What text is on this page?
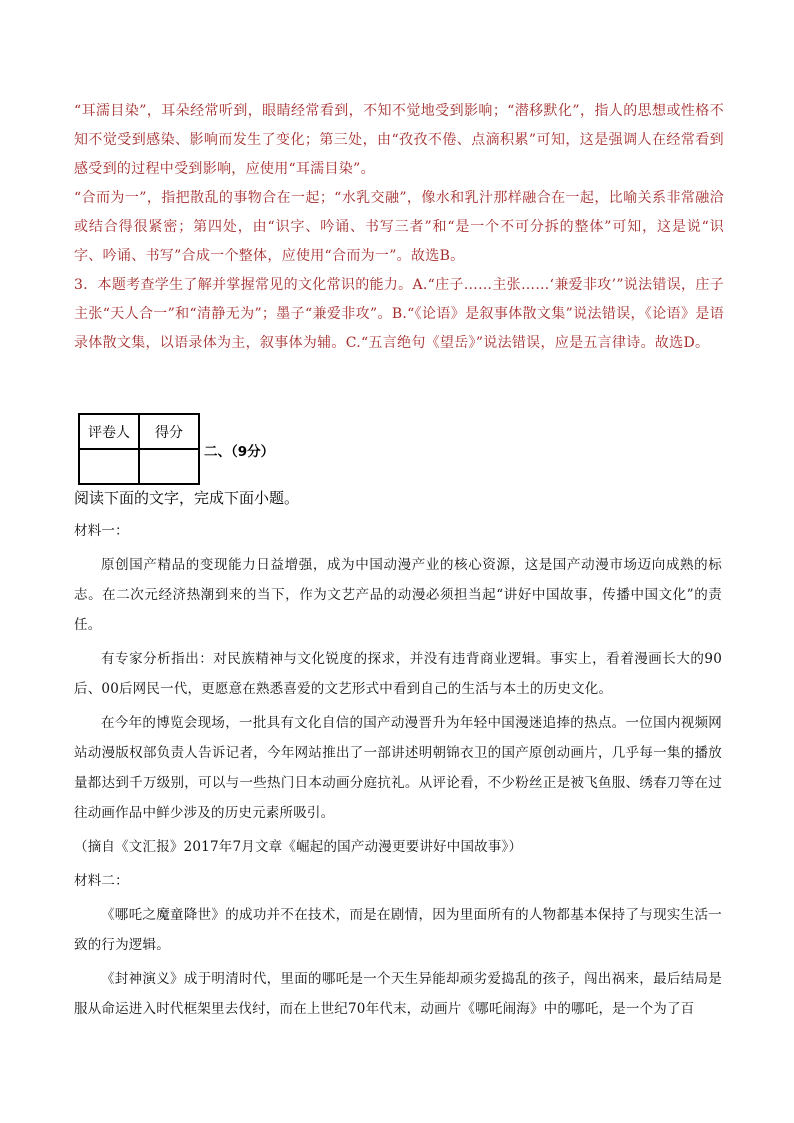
“耳濡目染”，耳朵经常听到，眼睛经常看到，不知不觉地受到影响；“潜移默化”，指人的思想或性格不知不觉受到感染、影响而发生了变化；第三处，由“孜孜不倦、点滴积累”可知，这是强调人在经常看到感受到的过程中受到影响，应使用“耳濡目染”。

“合而为一”，指把散乱的事物合在一起；“水乳交融”，像水和乳汁那样融合在一起，比喻关系非常融洽或结合得很紧密；第四处，由“识字、吟诵、书写三者”和“是一个不可分拆的整体”可知，这是说“识字、吟诵、书写”合成一个整体，应使用“合而为一”。故选B。

3．本题考查学生了解并掌握常见的文化常识的能力。A.“庄子……主张……‘兼爱非攻’”说法错误，庄子主张“天人合一”和“清静无为”；墨子“兼爱非攻”。B.“《论语》是叙事体散文集”说法错误，《论语》是语录体散文集，以语录体为主，叙事体为辅。C.“五言绝句《望岳》”说法错误，应是五言律诗。故选D。

评卷人	得分

二、（9分）
阅读下面的文字，完成下面小题。

材料一：

原创国产精品的变现能力日益增强，成为中国动漫产业的核心资源，这是国产动漫市场迈向成熟的标志。在二次元经济热潮到来的当下，作为文艺产品的动漫必须担当起“讲好中国故事，传播中国文化”的责任。

有专家分析指出：对民族精神与文化锐度的探求，并没有违背商业逻辑。事实上，看着漫画长大的90后、00后网民一代，更愿意在熟悉喜爱的文艺形式中看到自己的生活与本土的历史文化。

在今年的博览会现场，一批具有文化自信的国产动漫晋升为年轻中国漫迷追捧的热点。一位国内视频网站动漫版权部负责人告诉记者，今年网站推出了一部讲述明朝锦衣卫的国产原创动画片，几乎每一集的播放量都达到千万级别，可以与一些热门日本动画分庭抗礼。从评论看，不少粉丝正是被飞鱼服、绣春刀等在过往动画作品中鲜少涉及的历史元素所吸引。

（摘自《文汇报》2017年7月文章《崛起的国产动漫更要讲好中国故事》）

材料二：

《哪吒之魔童降世》的成功并不在技术，而是在剧情，因为里面所有的人物都基本保持了与现实生活一致的行为逻辑。

《封神演义》成于明清时代，里面的哪吒是一个天生异能却顽劣爱捣乱的孩子，闯出祸来，最后结局是服从命运进入时代框架里去伐纣，而在上世纪70年代末，动画片《哪吒闹海》中的哪吒，是一个为了百
